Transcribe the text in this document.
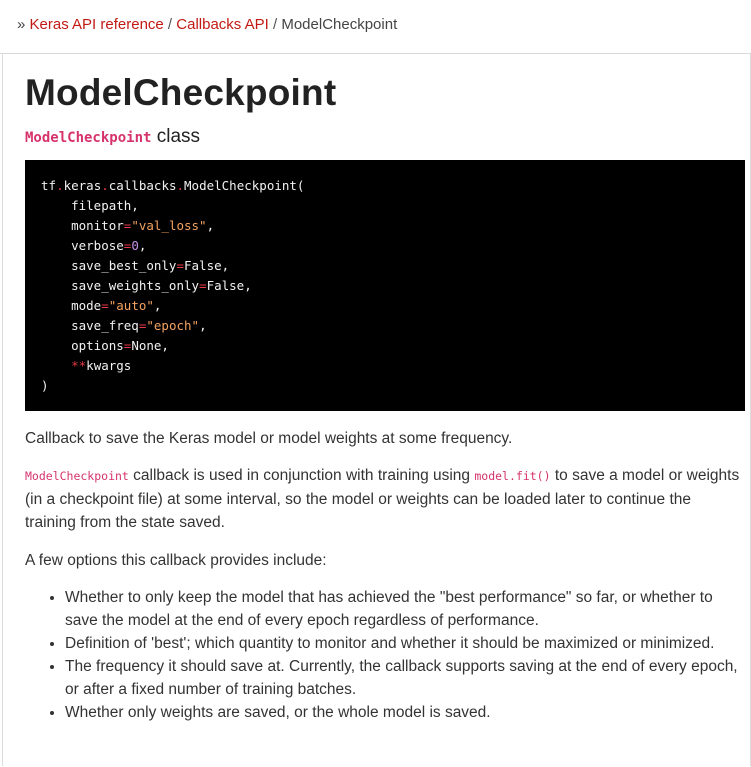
» Keras API reference / Callbacks API / ModelCheckpoint
ModelCheckpoint
ModelCheckpoint class
tf.keras.callbacks.ModelCheckpoint(
filepath,
monitor="val_loss",
verbose=0,
save_best_only=False,
save_weights_only=False,
mode="auto",
save_freq="epoch",
options=None,
**kwargs
)

Callback to save the Keras model or model weights at some frequency.

ModelCheckpoint callback is used in conjunction with training using model.fit() to save a model or weights (in a checkpoint file) at some interval, so the model or weights can be loaded later to continue the training from the state saved.

A few options this callback provides include:

• Whether to only keep the model that has achieved the "best performance" so far, or whether to save the model at the end of every epoch regardless of performance.
• Definition of 'best'; which quantity to monitor and whether it should be maximized or minimized.
• The frequency it should save at. Currently, the callback supports saving at the end of every epoch, or after a fixed number of training batches.
• Whether only weights are saved, or the whole model is saved.
